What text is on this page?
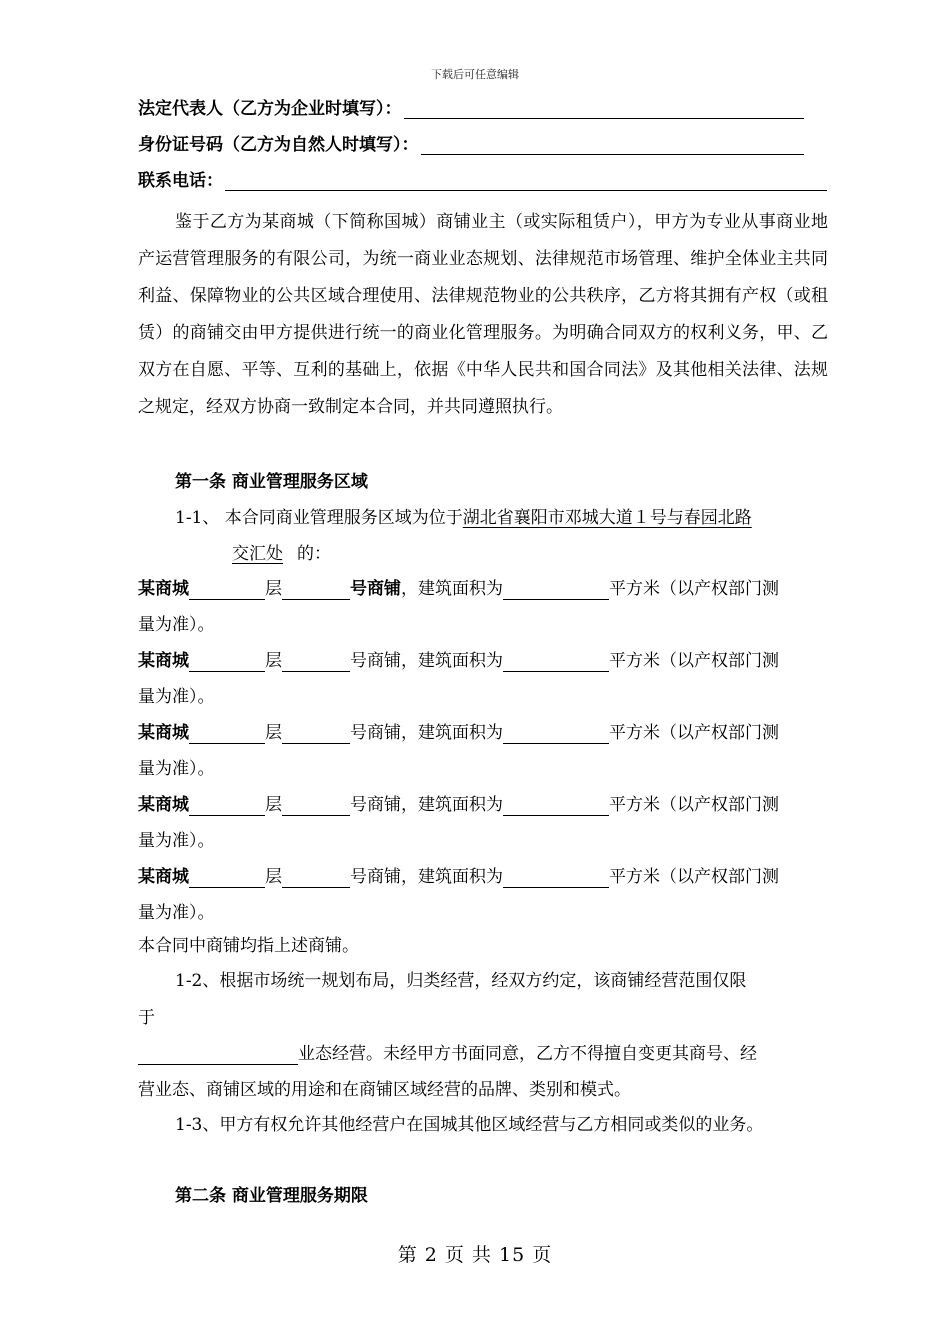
下载后可任意编辑
法定代表人（乙方为企业时填写）：
身份证号码（乙方为自然人时填写）：
联系电话：
鉴于乙方为某商城（下简称国城）商铺业主（或实际租赁户），甲方为专业从事商业地产运营管理服务的有限公司，为统一商业业态规划、法律规范市场管理、维护全体业主共同利益、保障物业的公共区域合理使用、法律规范物业的公共秩序，乙方将其拥有产权（或租赁）的商铺交由甲方提供进行统一的商业化管理服务。为明确合同双方的权利义务，甲、乙双方在自愿、平等、互利的基础上，依据《中华人民共和国合同法》及其他相关法律、法规之规定，经双方协商一致制定本合同，并共同遵照执行。
第一条 商业管理服务区域
1-1、 本合同商业管理服务区域为位于湖北省襄阳市邓城大道１号与春园北路
交汇处 的：
某商城	层	号商铺，建筑面积为	平方米（以产权部门测
量为准）。
某商城	层	号商铺，建筑面积为	平方米（以产权部门测
量为准）。
某商城	层	号商铺，建筑面积为	平方米（以产权部门测
量为准）。
某商城	层	号商铺，建筑面积为	平方米（以产权部门测
量为准）。
某商城	层	号商铺，建筑面积为	平方米（以产权部门测
量为准）。
本合同中商铺均指上述商铺。
1-2、根据市场统一规划布局，归类经营，经双方约定，该商铺经营范围仅限
于
业态经营。未经甲方书面同意，乙方不得擅自变更其商号、经
营业态、商铺区域的用途和在商铺区域经营的品牌、类别和模式。
1-3、甲方有权允许其他经营户在国城其他区域经营与乙方相同或类似的业务。
第二条 商业管理服务期限
第 2 页 共 15 页
